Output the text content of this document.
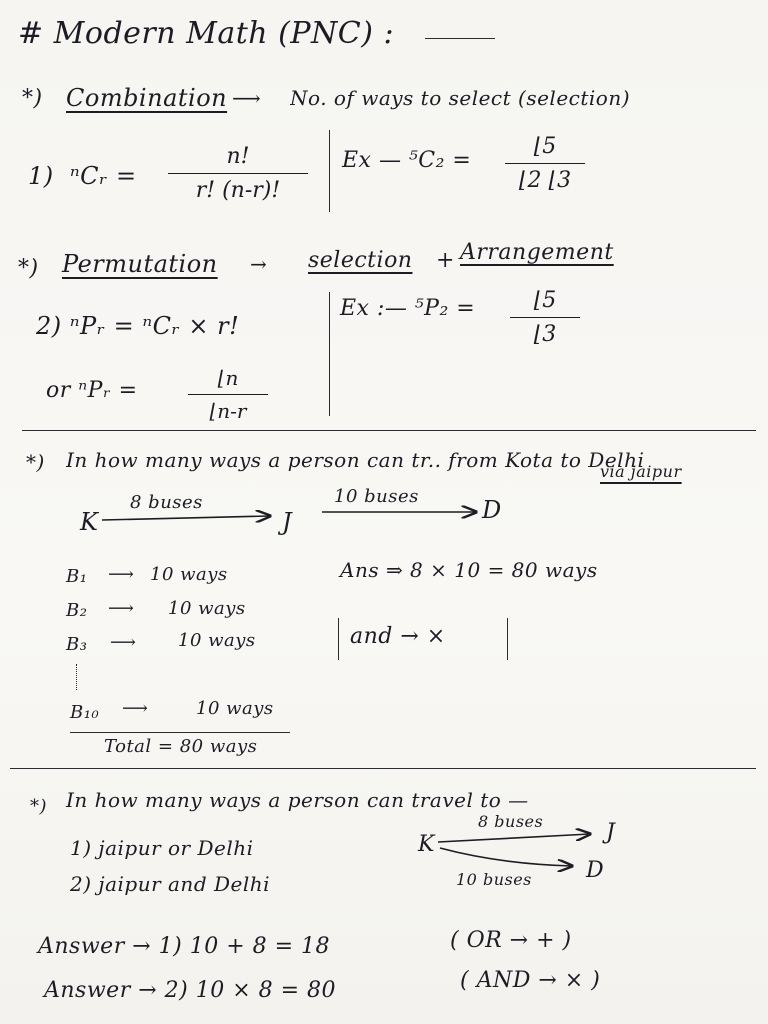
# Modern Math (PNC) :
*) Combination ⟶ No. of ways to select (selection)
1)  ⁿCᵣ =
n!
r! (n-r)!
Ex — ⁵C₂ =
⌊5
⌊2 ⌊3
*) Permutation → selection + Arrangement
2) ⁿPᵣ = ⁿCᵣ × r!
or ⁿPᵣ =	⌊n
⌊n-r
Ex :— ⁵P₂ =	⌊5
⌊3
*) In how many ways a person can tr.. from Kota to Delhi
via jaipur
K
8 buses
J
10 buses	D
B₁ ⟶ 10 ways
B₂ ⟶ 10 ways
B₃ ⟶ 10 ways
B₁₀ ⟶	10 ways
Total = 80 ways
Ans ⇒ 8 × 10 = 80 ways
and → ×
*) In how many ways a person can travel to —
1) jaipur or Delhi
2) jaipur and Delhi
K
8 buses	J
D
10 buses
Answer → 1) 10 + 8 = 18	( OR → + )
Answer → 2) 10 × 8 = 80	( AND → × )
